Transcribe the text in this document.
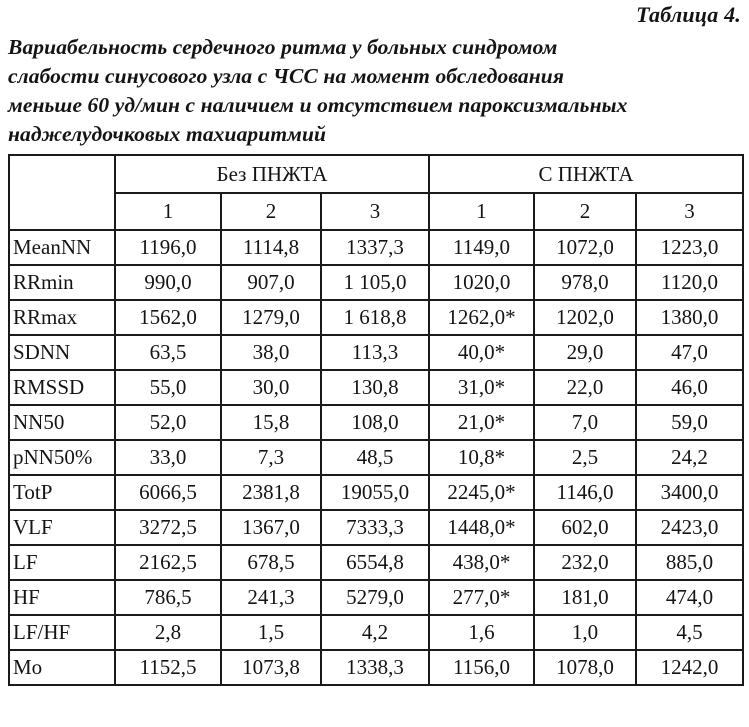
Таблица 4.
Вариабельность сердечного ритма у больных синдромом
слабости синусового узла с ЧСС на момент обследования
меньше 60 уд/мин с наличием и отсутствием пароксизмальных
наджелудочковых тахиаритмий
	Без ПНЖТА			С ПНЖТА		
	1	2	3	1	2	3
MeanNN	1196,0	1114,8	1337,3	1149,0	1072,0	1223,0
RRmin	990,0	907,0	1 105,0	1020,0	978,0	1120,0
RRmax	1562,0	1279,0	1 618,8	1262,0*	1202,0	1380,0
SDNN	63,5	38,0	113,3	40,0*	29,0	47,0
RMSSD	55,0	30,0	130,8	31,0*	22,0	46,0
NN50	52,0	15,8	108,0	21,0*	7,0	59,0
pNN50%	33,0	7,3	48,5	10,8*	2,5	24,2
TotP	6066,5	2381,8	19055,0	2245,0*	1146,0	3400,0
VLF	3272,5	1367,0	7333,3	1448,0*	602,0	2423,0
LF	2162,5	678,5	6554,8	438,0*	232,0	885,0
HF	786,5	241,3	5279,0	277,0*	181,0	474,0
LF/HF	2,8	1,5	4,2	1,6	1,0	4,5
Mo	1152,5	1073,8	1338,3	1156,0	1078,0	1242,0
